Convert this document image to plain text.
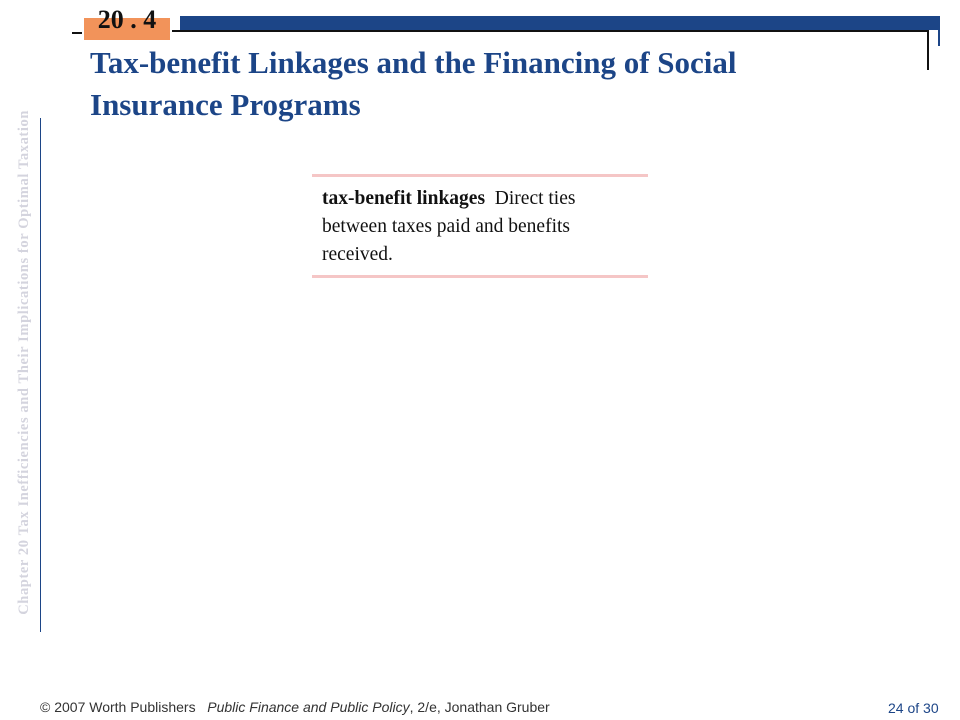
Chapter 20 Tax Inefficiencies and Their Implications for Optimal Taxation
20 . 4
Tax-benefit Linkages and the Financing of Social Insurance Programs
tax-benefit linkages Direct ties between taxes paid and benefits received.
© 2007 Worth Publishers Public Finance and Public Policy, 2/e, Jonathan Gruber	24 of 30
